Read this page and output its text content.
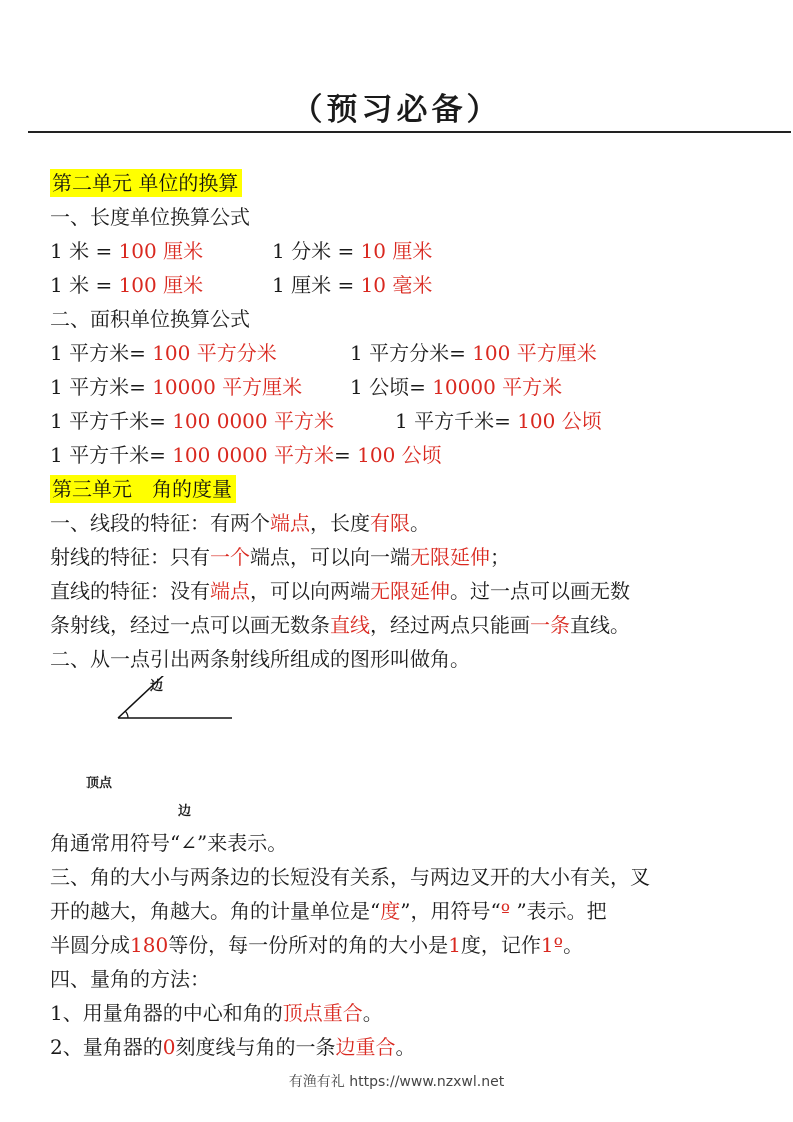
（预习必备）
第二单元 单位的换算
一、长度单位换算公式
1 米 = 100 厘米	1 分米 = 10 厘米
1 米 = 100 厘米	1 厘米 = 10 毫米
二、面积单位换算公式
1 平方米= 100 平方分米	1 平方分米= 100 平方厘米
1 平方米= 10000 平方厘米 1 公顷= 10000 平方米
1 平方千米= 100 0000 平方米	1 平方千米= 100 公顷
1 平方千米= 100 0000 平方米= 100 公顷
第三单元　角的度量
一、线段的特征：有两个端点，长度有限。
射线的特征：只有一个端点，可以向一端无限延伸；
直线的特征：没有端点，可以向两端无限延伸。过一点可以画无数
条射线，经过一点可以画无数条直线，经过两点只能画一条直线。
二、从一点引出两条射线所组成的图形叫做角。
边
顶点
边
角通常用符号“∠”来表示。
三、角的大小与两条边的长短没有关系，与两边叉开的大小有关，叉
开的越大，角越大。角的计量单位是“度”，用符号“º ”表示。把
半圆分成180等份，每一份所对的角的大小是1度，记作1º。
四、量角的方法：
1、用量角器的中心和角的顶点重合。
2、量角器的0刻度线与角的一条边重合。
有渔有礼 https://www.nzxwl.net
